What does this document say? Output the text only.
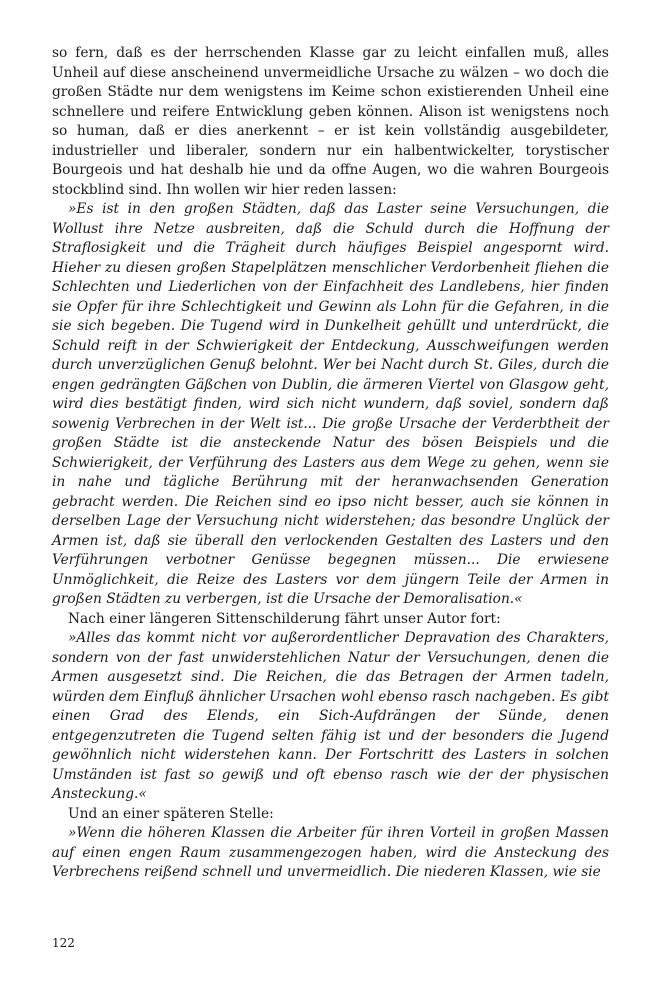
so fern, daß es der herrschenden Klasse gar zu leicht einfallen muß, alles Unheil auf diese anscheinend unvermeidliche Ursache zu wälzen – wo doch die großen Städte nur dem wenigstens im Keime schon existierenden Unheil eine schnellere und reifere Entwicklung geben können. Alison ist wenigstens noch so human, daß er dies anerkennt – er ist kein vollständig ausgebildeter, industrieller und liberaler, sondern nur ein halbentwickelter, torystischer Bourgeois und hat deshalb hie und da offne Augen, wo die wahren Bourgeois stockblind sind. Ihn wollen wir hier reden lassen:

»Es ist in den großen Städten, daß das Laster seine Versuchungen, die Wollust ihre Netze ausbreiten, daß die Schuld durch die Hoffnung der Straflosigkeit und die Trägheit durch häufiges Beispiel angespornt wird. Hieher zu diesen großen Stapelplätzen menschlicher Verdorbenheit fliehen die Schlechten und Liederlichen von der Einfachheit des Landlebens, hier finden sie Opfer für ihre Schlechtigkeit und Gewinn als Lohn für die Gefahren, in die sie sich begeben. Die Tugend wird in Dunkelheit gehüllt und unterdrückt, die Schuld reift in der Schwierigkeit der Entdeckung, Ausschweifungen werden durch unverzüglichen Genuß belohnt. Wer bei Nacht durch St. Giles, durch die engen gedrängten Gäßchen von Dublin, die ärmeren Viertel von Glasgow geht, wird dies bestätigt finden, wird sich nicht wundern, daß soviel, sondern daß sowenig Verbrechen in der Welt ist... Die große Ursache der Verderbtheit der großen Städte ist die ansteckende Natur des bösen Beispiels und die Schwierigkeit, der Verführung des Lasters aus dem Wege zu gehen, wenn sie in nahe und tägliche Berührung mit der heranwachsenden Generation gebracht werden. Die Reichen sind eo ipso nicht besser, auch sie können in derselben Lage der Versuchung nicht widerstehen; das besondre Unglück der Armen ist, daß sie überall den verlockenden Gestalten des Lasters und den Verführungen verbotner Genüsse begegnen müssen... Die erwiesene Unmöglichkeit, die Reize des Lasters vor dem jüngern Teile der Armen in großen Städten zu verbergen, ist die Ursache der Demoralisation.«

Nach einer längeren Sittenschilderung fährt unser Autor fort:

»Alles das kommt nicht vor außerordentlicher Depravation des Charakters, sondern von der fast unwiderstehlichen Natur der Versuchungen, denen die Armen ausgesetzt sind. Die Reichen, die das Betragen der Armen tadeln, würden dem Einfluß ähnlicher Ursachen wohl ebenso rasch nachgeben. Es gibt einen Grad des Elends, ein Sich-Aufdrängen der Sünde, denen entgegenzutreten die Tugend selten fähig ist und der besonders die Jugend gewöhnlich nicht widerstehen kann. Der Fortschritt des Lasters in solchen Umständen ist fast so gewiß und oft ebenso rasch wie der der physischen Ansteckung.«

Und an einer späteren Stelle:

»Wenn die höheren Klassen die Arbeiter für ihren Vorteil in großen Massen auf einen engen Raum zusammengezogen haben, wird die Ansteckung des Verbrechens reißend schnell und unvermeidlich. Die niederen Klassen, wie sie

122
